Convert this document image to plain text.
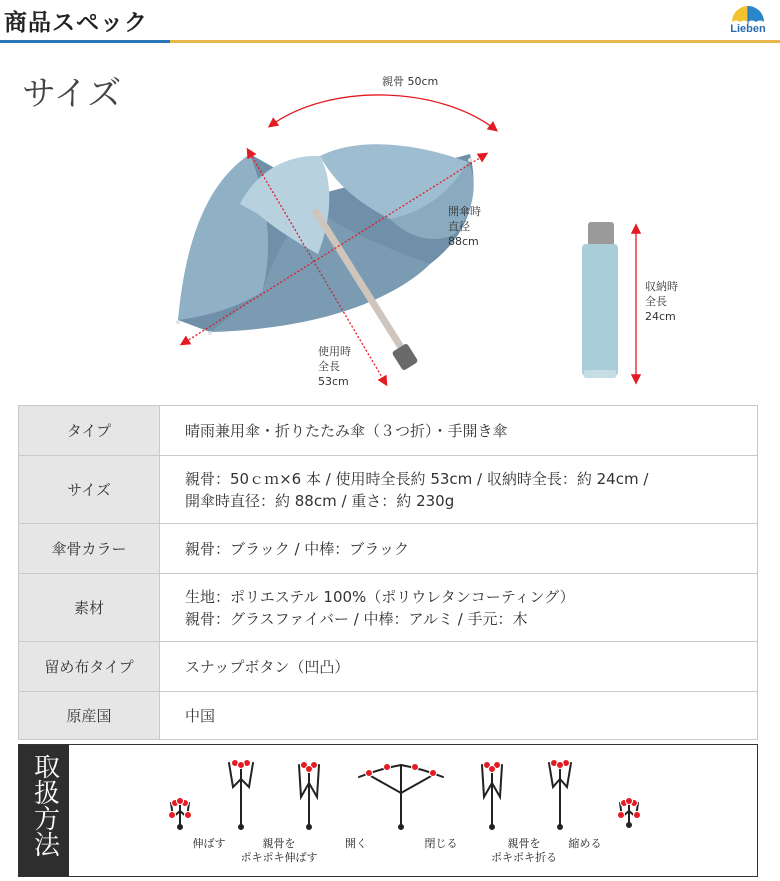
商品スペック	Lieben
サイズ	親骨 50cm
開傘時
直径
88cm
使用時
全長
53cm
収納時
全長
24cm
タイプ	晴雨兼用傘・折りたたみ傘（３つ折）・手開き傘
サイズ	親骨：50ｃｍ×6 本 / 使用時全長約 53cm / 収納時全長：約 24cm /
開傘時直径：約 88cm / 重さ：約 230g
傘骨カラー	親骨：ブラック / 中棒：ブラック
素材	生地：ポリエステル 100%（ポリウレタンコーティング）
親骨：グラスファイバー / 中棒：アルミ / 手元：木
留め布タイプ	スナップボタン（凹凸）
原産国	中国
取扱方法	伸ばす	親骨を
ポキポキ伸ばす
開く	閉じる	親骨を
ポキポキ折る
縮める
